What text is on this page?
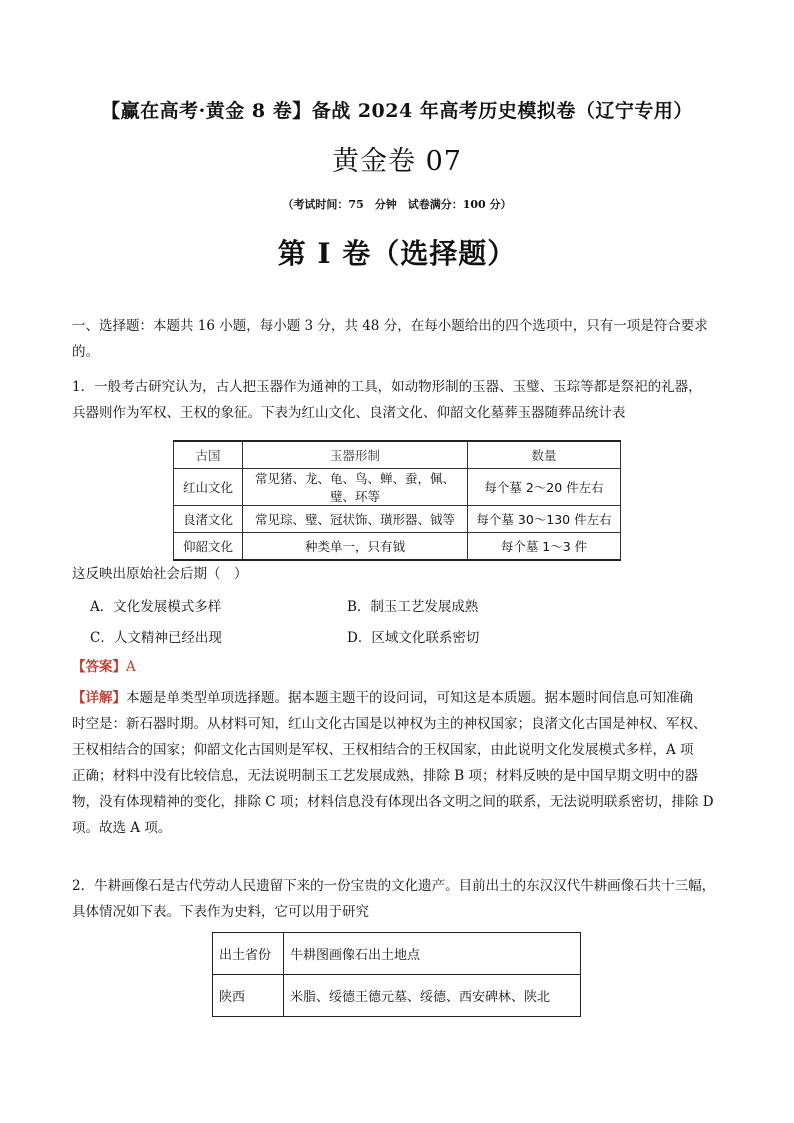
【赢在高考·黄金 8 卷】备战 2024 年高考历史模拟卷（辽宁专用）
黄金卷 07
（考试时间：75　分钟　试卷满分：100 分）
第 I 卷（选择题）
一、选择题：本题共 16 小题，每小题 3 分，共 48 分，在每小题给出的四个选项中，只有一项是符合要求
的。
1．一般考古研究认为，古人把玉器作为通神的工具，如动物形制的玉器、玉璧、玉琮等都是祭祀的礼器，
兵器则作为军权、王权的象征。下表为红山文化、良渚文化、仰韶文化墓葬玉器随葬品统计表
古国	玉器形制	数量
红山文化	常见猪、龙、龟、鸟、蝉、蚕，佩、璧、环等	每个墓 2～20 件左右
良渚文化	常见琮、璧、冠状饰、璜形器、钺等	每个墓 30～130 件左右
仰韶文化	种类单一，只有钺	每个墓 1～3 件
这反映出原始社会后期（　）
A．文化发展模式多样	B．制玉工艺发展成熟
C．人文精神已经出现	D．区域文化联系密切
【答案】A
【详解】本题是单类型单项选择题。据本题主题干的设问词，可知这是本质题。据本题时间信息可知准确
时空是：新石器时期。从材料可知，红山文化古国是以神权为主的神权国家；良渚文化古国是神权、军权、
王权相结合的国家；仰韶文化古国则是军权、王权相结合的王权国家，由此说明文化发展模式多样，A 项
正确；材料中没有比较信息，无法说明制玉工艺发展成熟，排除 B 项；材料反映的是中国早期文明中的器
物，没有体现精神的变化，排除 C 项；材料信息没有体现出各文明之间的联系，无法说明联系密切，排除 D
项。故选 A 项。
2．牛耕画像石是古代劳动人民遗留下来的一份宝贵的文化遗产。目前出土的东汉汉代牛耕画像石共十三幅，
具体情况如下表。下表作为史料，它可以用于研究
出土省份	牛耕图画像石出土地点
陕西	米脂、绥德王德元墓、绥德、西安碑林、陕北
